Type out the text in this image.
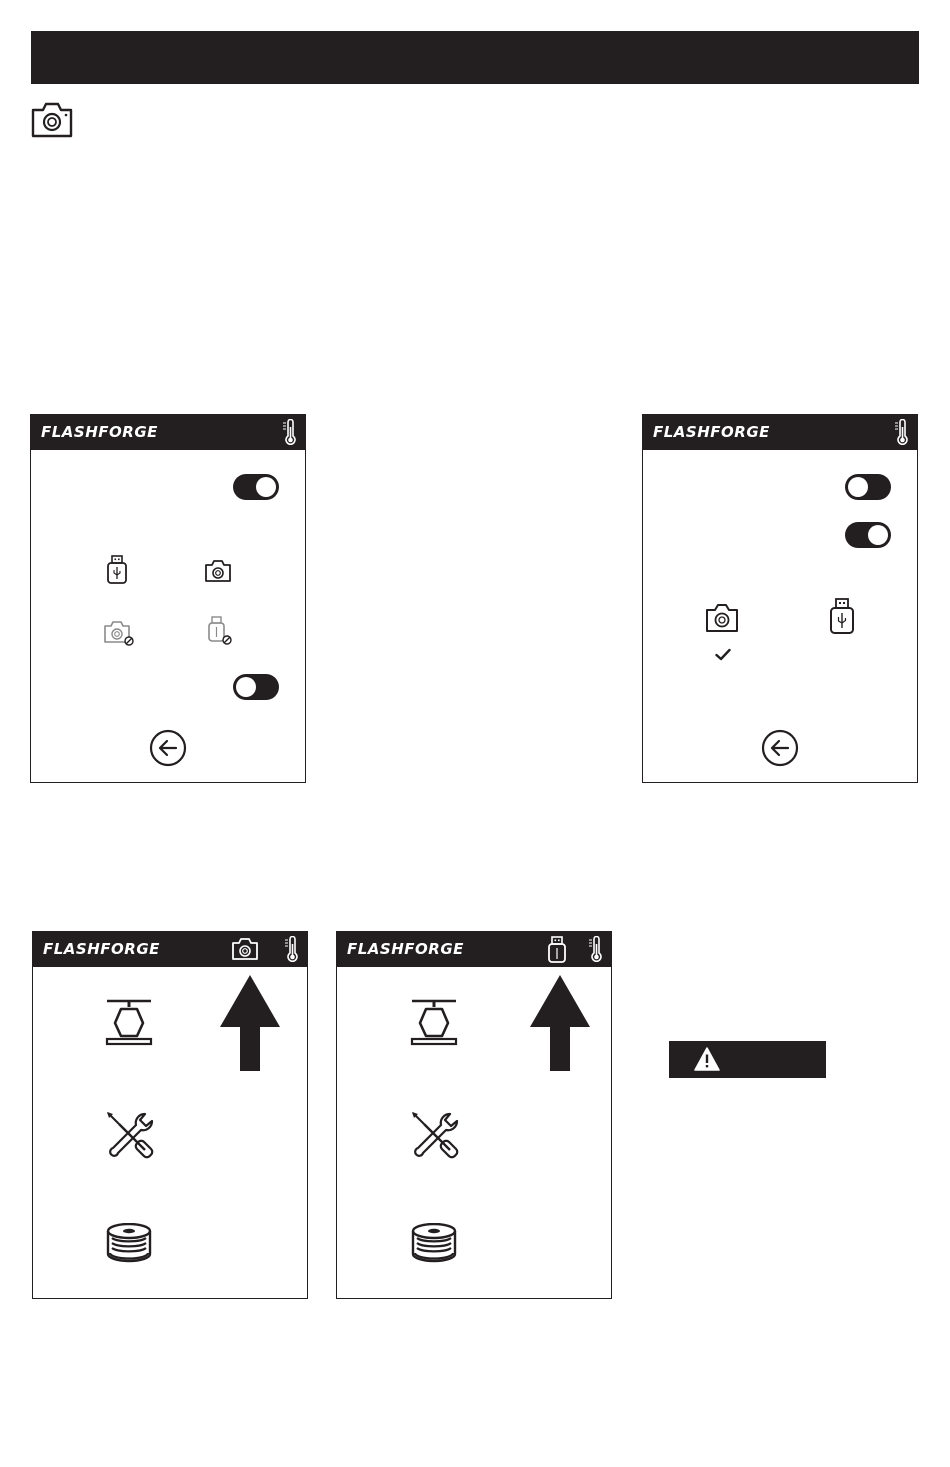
FLASHFORGE	FLASHFORGE
FLASHFORGE	FLASHFORGE
